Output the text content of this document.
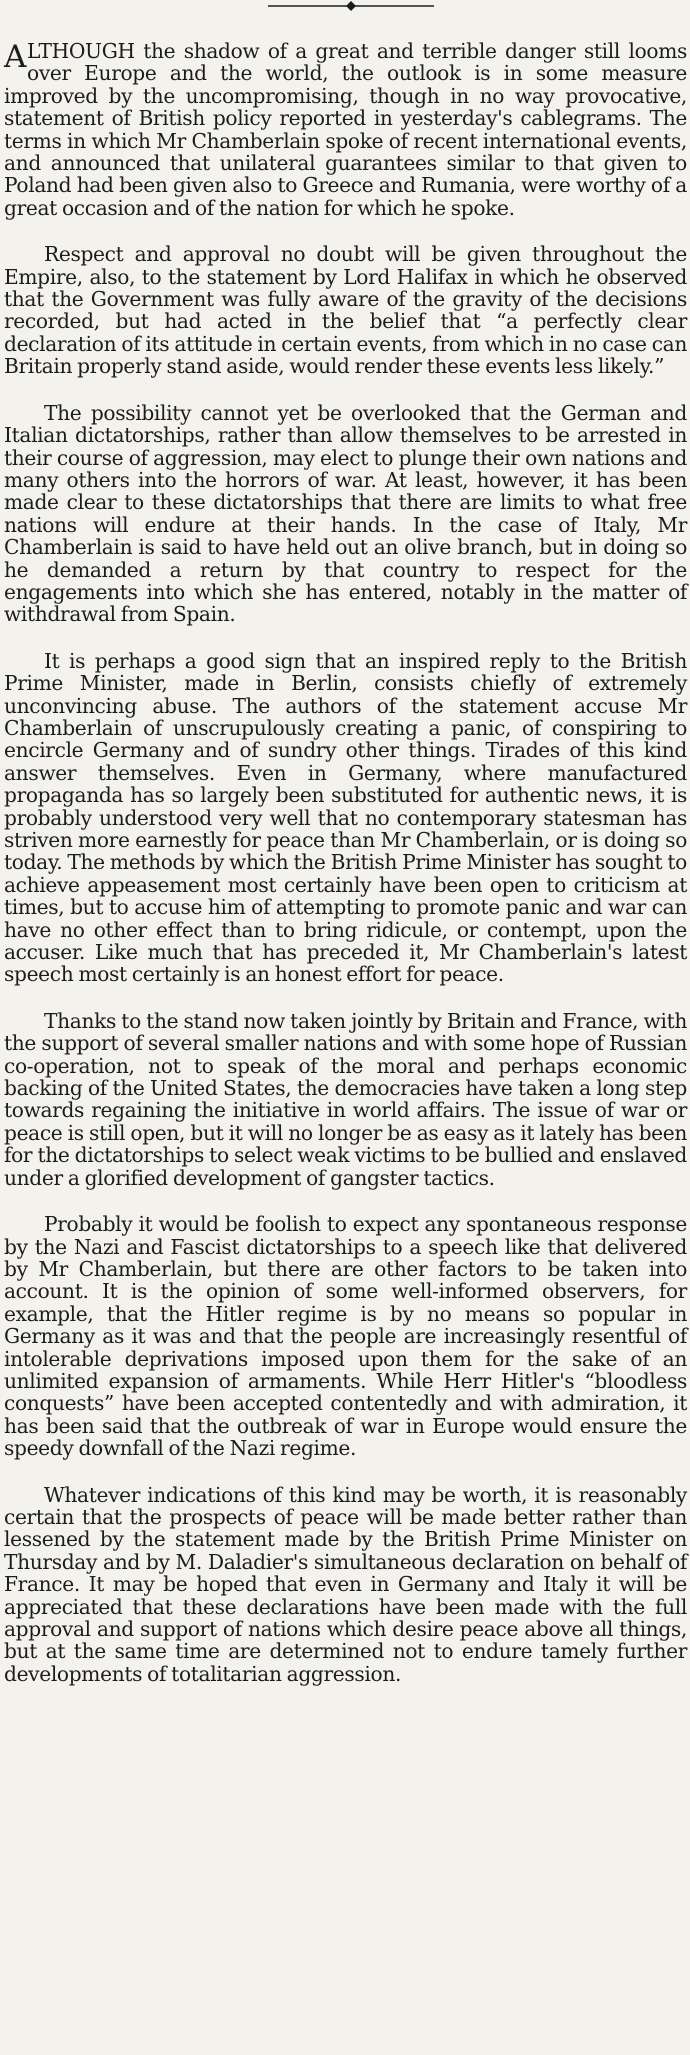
ALTHOUGH the shadow of a great and terrible danger still looms over Europe and the world, the outlook is in some measure improved by the uncompromising, though in no way provocative, statement of British policy reported in yesterday's cablegrams. The terms in which Mr Chamberlain spoke of recent international events, and announced that unilateral guarantees similar to that given to Poland had been given also to Greece and Rumania, were worthy of a great occasion and of the nation for which he spoke.

Respect and approval no doubt will be given throughout the Empire, also, to the statement by Lord Halifax in which he observed that the Government was fully aware of the gravity of the decisions recorded, but had acted in the belief that “a perfectly clear declaration of its attitude in certain events, from which in no case can Britain properly stand aside, would render these events less likely.”

The possibility cannot yet be overlooked that the German and Italian dictatorships, rather than allow themselves to be arrested in their course of aggression, may elect to plunge their own nations and many others into the horrors of war. At least, however, it has been made clear to these dictatorships that there are limits to what free nations will endure at their hands. In the case of Italy, Mr Chamberlain is said to have held out an olive branch, but in doing so he demanded a return by that country to respect for the engagements into which she has entered, notably in the matter of withdrawal from Spain.

It is perhaps a good sign that an inspired reply to the British Prime Minister, made in Berlin, consists chiefly of extremely unconvincing abuse. The authors of the statement accuse Mr Chamberlain of unscrupulously creating a panic, of conspiring to encircle Germany and of sundry other things. Tirades of this kind answer themselves. Even in Germany, where manufactured propaganda has so largely been substituted for authentic news, it is probably understood very well that no contemporary statesman has striven more earnestly for peace than Mr Chamberlain, or is doing so today. The methods by which the British Prime Minister has sought to achieve appeasement most certainly have been open to criticism at times, but to accuse him of attempting to promote panic and war can have no other effect than to bring ridicule, or contempt, upon the accuser. Like much that has preceded it, Mr Chamberlain's latest speech most certainly is an honest effort for peace.

Thanks to the stand now taken jointly by Britain and France, with the support of several smaller nations and with some hope of Russian co-operation, not to speak of the moral and perhaps economic backing of the United States, the democracies have taken a long step towards regaining the initiative in world affairs. The issue of war or peace is still open, but it will no longer be as easy as it lately has been for the dictatorships to select weak victims to be bullied and enslaved under a glorified development of gangster tactics.

Probably it would be foolish to expect any spontaneous response by the Nazi and Fascist dictatorships to a speech like that delivered by Mr Chamberlain, but there are other factors to be taken into account. It is the opinion of some well-informed observers, for example, that the Hitler regime is by no means so popular in Germany as it was and that the people are increasingly resentful of intolerable deprivations imposed upon them for the sake of an unlimited expansion of armaments. While Herr Hitler's “bloodless conquests” have been accepted contentedly and with admiration, it has been said that the outbreak of war in Europe would ensure the speedy downfall of the Nazi regime.

Whatever indications of this kind may be worth, it is reasonably certain that the prospects of peace will be made better rather than lessened by the statement made by the British Prime Minister on Thursday and by M. Daladier's simultaneous declaration on behalf of France. It may be hoped that even in Germany and Italy it will be appreciated that these declarations have been made with the full approval and support of nations which desire peace above all things, but at the same time are determined not to endure tamely further developments of totalitarian aggression.
